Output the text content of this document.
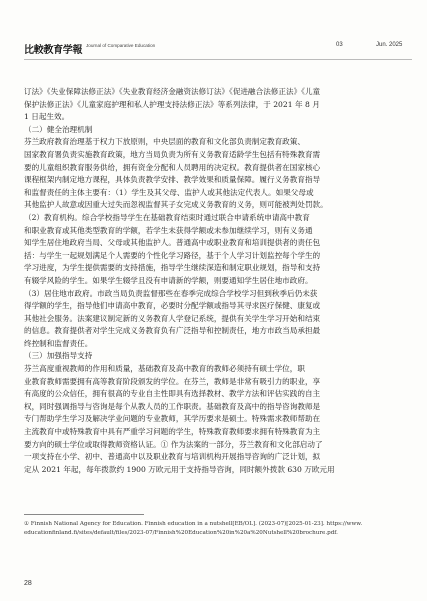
比較教育学報 Journal of Comparative Education	03	Jun. 2025
订法》《失业保障法修正法》《失业教育经济金融资法修订法》《促进融合法修正法》《儿童
保护法修正法》《儿童家庭护理和私人护理支持法修正法》等系列法律，于 2021 年 8 月
1 日起生效。
（二）健全治理机制
芬兰政府教育治理基于权力下放原则，中央层面的教育和文化部负责制定教育政策、
国家教育署负责实施教育政策，地方当局负责为所有义务教育适龄学生包括有特殊教育需
要的儿童组织教育服务供给，拥有资金分配和人员聘用的决定权。教育提供者在国家核心
课程框架内制定地方课程，具体负责教学安排、教学效果和质量保障。履行义务教育指导
和监督责任的主体主要有：（1）学生及其父母、监护人或其他法定代表人。如果父母或
其他监护人故意或因重大过失而忽视监督其子女完成义务教育的义务，则可能被判处罚款。
（2）教育机构。综合学校指导学生在基础教育结束时通过联合申请系统申请高中教育
和职业教育或其他类型教育的学额，若学生未获得学额或未参加继续学习，则有义务通
知学生居住地政府当局、父母或其他监护人。普通高中或职业教育和培训提供者的责任包
括：与学生一起规划满足个人需要的个性化学习路径，基于个人学习计划监控每个学生的
学习进度，为学生提供需要的支持措施，指导学生继续深造和制定职业规划，指导和支持
有辍学风险的学生。如果学生辍学且没有申请新的学额，则要通知学生居住地市政府。
（3）居住地市政府。市政当局负责监督那些在春季完成综合学校学习但到秋季后仍未获
得学额的学生，指导他们申请高中教育，必要时分配学额或指导其寻求医疗保健、康复或
其他社会服务。法案建议制定新的义务教育人学登记系统，提供有关学生学习开始和结束
的信息。教育提供者对学生完成义务教育负有广泛指导和控制责任，地方市政当局承担最
终控制和监督责任。
（三）加强指导支持
芬兰高度重视教师的作用和质量，基础教育及高中教育的教师必须持有硕士学位，职
业教育教师需要拥有高等教育阶段颁发的学位。在芬兰，教师是非常有吸引力的职业，享
有高度的公众信任，拥有很高的专业自主性即具有选择教材、教学方法和评估实践的自主
权，同时强调指导与咨询是每个从教人员的工作职责。基础教育及高中的指导咨询教师是
专门帮助学生学习及解决学业问题的专业教师，其学历要求是硕士。特殊需求教师帮助在
主流教育中或特殊教育中具有严重学习问题的学生，特殊教育教师要求拥有特殊教育为主
要方向的硕士学位或取得教师资格认证。① 作为法案的一部分，芬兰教育和文化部启动了
一项支持在小学、初中、普通高中以及职业教育与培训机构开展指导咨询的广泛计划，拟
定从 2021 年起，每年拨款约 1900 万欧元用于支持指导咨询，同时额外拨款 630 万欧元用
① Finnish National Agency for Education. Finnish education in a nutshell[EB/OL]. (2023-07)[2025-01-23]. https://www.
educationfinland.fi/sites/default/files/2023-07/Finnish%20Education%20in%20a%20Nutshell%20brochure.pdf.
28
